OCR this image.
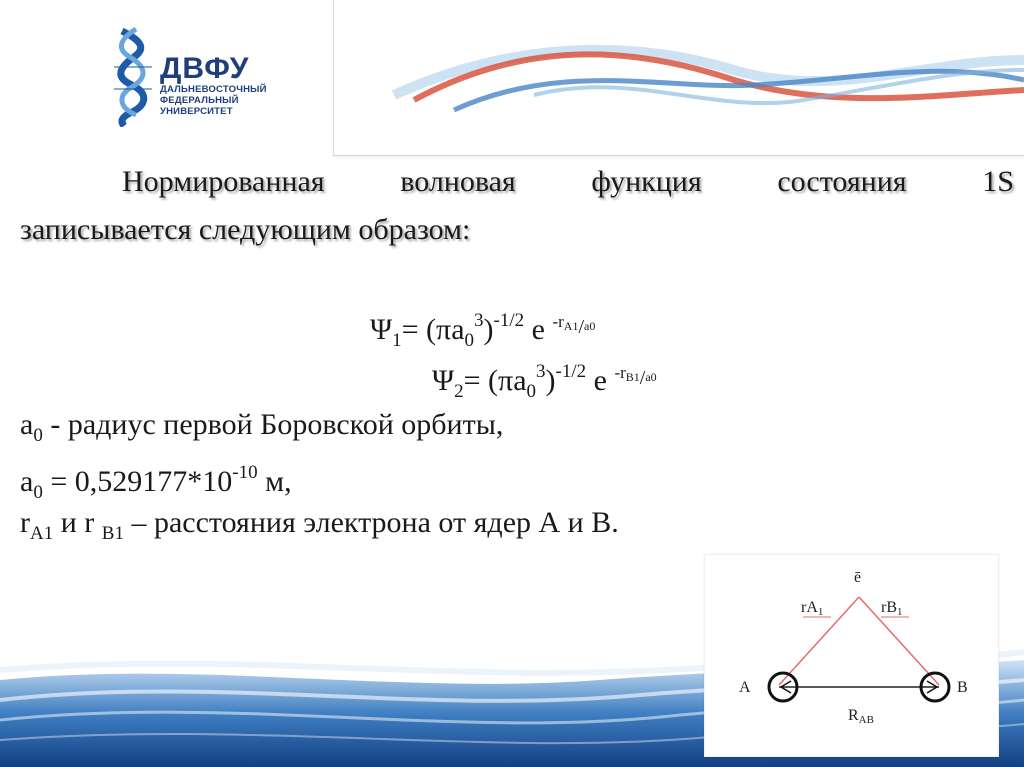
ДВФУ
ДАЛЬНЕВОСТОЧНЫЙ
ФЕДЕРАЛЬНЫЙ
УНИВЕРСИТЕТ
Нормированная	волновая	функция	состояния	1S
записывается следующим образом:
$\Psi_1= (\pi a_0^3)^{-1/2}$ e -rA1/a0
$\Psi_2= (\pi a_0^3)^{-1/2}$ e -rB1/a0
$a_0$ - радиус первой Боровской орбиты,
$a_0 = 0,529177*10^{-10}$ м,
$r_{A1}$ и r $_{B1}$ – расстояния электрона от ядер А и В.
ē
rA1	rB1
A	B
RAB
